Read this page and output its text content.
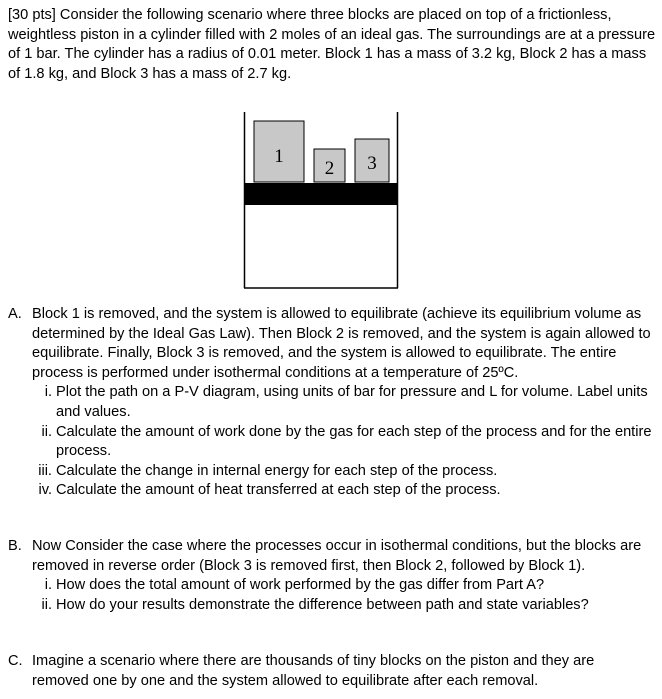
[30 pts] Consider the following scenario where three blocks are placed on top of a frictionless, weightless piston in a cylinder filled with 2 moles of an ideal gas. The surroundings are at a pressure of 1 bar. The cylinder has a radius of 0.01 meter. Block 1 has a mass of 3.2 kg, Block 2 has a mass of 1.8 kg, and Block 3 has a mass of 2.7 kg.

1
2 3
A. Block 1 is removed, and the system is allowed to equilibrate (achieve its equilibrium volume as determined by the Ideal Gas Law). Then Block 2 is removed, and the system is again allowed to equilibrate. Finally, Block 3 is removed, and the system is allowed to equilibrate. The entire process is performed under isothermal conditions at a temperature of 25ºC.

i. Plot the path on a P-V diagram, using units of bar for pressure and L for volume. Label units and values.

ii. Calculate the amount of work done by the gas for each step of the process and for the entire process.

iii. Calculate the change in internal energy for each step of the process.

iv. Calculate the amount of heat transferred at each step of the process.

B. Now Consider the case where the processes occur in isothermal conditions, but the blocks are removed in reverse order (Block 3 is removed first, then Block 2, followed by Block 1).

i. How does the total amount of work performed by the gas differ from Part A?

ii. How do your results demonstrate the difference between path and state variables?

C. Imagine a scenario where there are thousands of tiny blocks on the piston and they are removed one by one and the system allowed to equilibrate after each removal.
